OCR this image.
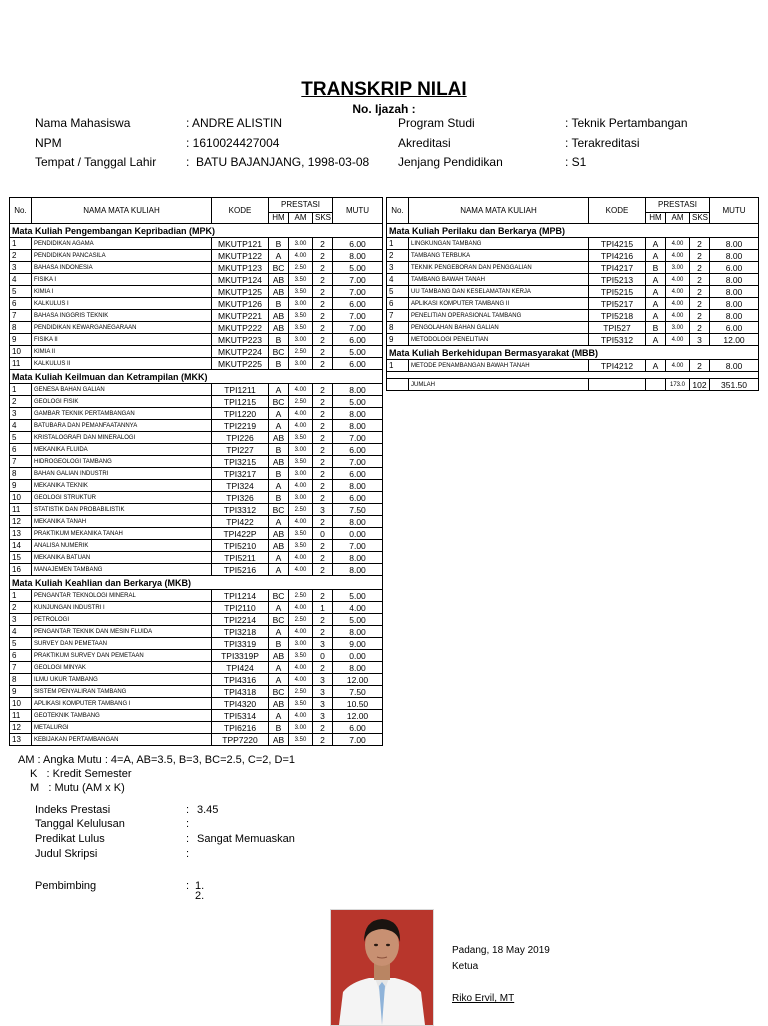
TRANSKRIP NILAI
No. Ijazah :
Nama Mahasiswa	: ANDRE ALISTIN
NPM	: 1610024427004
Tempat / Tanggal Lahir : BATU BAJANJANG, 1998-03-08
Program Studi	: Teknik Pertambangan
Akreditasi	: Terakreditasi
Jenjang Pendidikan	: S1
No.	NAMA MATA KULIAH	KODE	PRESTASI			MUTU
			HM	AM	SKS	
Mata Kuliah Pengembangan Kepribadian (MPK)						
1	PENDIDIKAN AGAMA	MKUTP121	B	3.00	2	6.00
2	PENDIDIKAN PANCASILA	MKUTP122	A	4.00	2	8.00
3	BAHASA INDONESIA	MKUTP123	BC	2.50	2	5.00
4	FISIKA I	MKUTP124	AB	3.50	2	7.00
5	KIMIA I	MKUTP125	AB	3.50	2	7.00
6	KALKULUS I	MKUTP126	B	3.00	2	6.00
7	BAHASA INGGRIS TEKNIK	MKUTP221	AB	3.50	2	7.00
8	PENDIDIKAN KEWARGANEGARAAN	MKUTP222	AB	3.50	2	7.00
9	FISIKA II	MKUTP223	B	3.00	2	6.00
10	KIMIA II	MKUTP224	BC	2.50	2	5.00
11	KALKULUS II	MKUTP225	B	3.00	2	6.00
Mata Kuliah Keilmuan dan Ketrampilan (MKK)						
1	GENESA BAHAN GALIAN	TPI1211	A	4.00	2	8.00
2	GEOLOGI FISIK	TPI1215	BC	2.50	2	5.00
3	GAMBAR TEKNIK PERTAMBANGAN	TPI1220	A	4.00	2	8.00
4	BATUBARA DAN PEMANFAATANNYA	TPI2219	A	4.00	2	8.00
5	KRISTALOGRAFI DAN MINERALOGI	TPI226	AB	3.50	2	7.00
6	MEKANIKA FLUIDA	TPI227	B	3.00	2	6.00
7	HIDROGEOLOGI TAMBANG	TPI3215	AB	3.50	2	7.00
8	BAHAN GALIAN INDUSTRI	TPI3217	B	3.00	2	6.00
9	MEKANIKA TEKNIK	TPI324	A	4.00	2	8.00
10	GEOLOGI STRUKTUR	TPI326	B	3.00	2	6.00
11	STATISTIK DAN PROBABILISTIK	TPI3312	BC	2.50	3	7.50
12	MEKANIKA TANAH	TPI422	A	4.00	2	8.00
13	PRAKTIKUM MEKANIKA TANAH	TPI422P	AB	3.50	0	0.00
14	ANALISA NUMERIK	TPI5210	AB	3.50	2	7.00
15	MEKANIKA BATUAN	TPI5211	A	4.00	2	8.00
16	MANAJEMEN TAMBANG	TPI5216	A	4.00	2	8.00
Mata Kuliah Keahlian dan Berkarya (MKB)						
1	PENGANTAR TEKNOLOGI MINERAL	TPI1214	BC	2.50	2	5.00
2	KUNJUNGAN INDUSTRI I	TPI2110	A	4.00	1	4.00
3	PETROLOGI	TPI2214	BC	2.50	2	5.00
4	PENGANTAR TEKNIK DAN MESIN FLUIDA	TPI3218	A	4.00	2	8.00
5	SURVEY DAN PEMETAAN	TPI3319	B	3.00	3	9.00
6	PRAKTIKUM SURVEY DAN PEMETAAN	TPI3319P	AB	3.50	0	0.00
7	GEOLOGI MINYAK	TPI424	A	4.00	2	8.00
8	ILMU UKUR TAMBANG	TPI4316	A	4.00	3	12.00
9	SISTEM PENYALIRAN TAMBANG	TPI4318	BC	2.50	3	7.50
10	APLIKASI KOMPUTER TAMBANG I	TPI4320	AB	3.50	3	10.50
11	GEOTEKNIK TAMBANG	TPI5314	A	4.00	3	12.00
12	METALURGI	TPI6216	B	3.00	2	6.00
13	KEBIJAKAN PERTAMBANGAN	TPP7220	AB	3.50	2	7.00
No.	NAMA MATA KULIAH	KODE	PRESTASI			MUTU
			HM	AM	SKS	
Mata Kuliah Perilaku dan Berkarya (MPB)						
1	LINGKUNGAN TAMBANG	TPI4215	A	4.00	2	8.00
2	TAMBANG TERBUKA	TPI4216	A	4.00	2	8.00
3	TEKNIK PENGEBORAN DAN PENGGALIAN	TPI4217	B	3.00	2	6.00
4	TAMBANG BAWAH TANAH	TPI5213	A	4.00	2	8.00
5	UU TAMBANG DAN KESELAMATAN KERJA	TPI5215	A	4.00	2	8.00
6	APLIKASI KOMPUTER TAMBANG II	TPI5217	A	4.00	2	8.00
7	PENELITIAN OPERASIONAL TAMBANG	TPI5218	A	4.00	2	8.00
8	PENGOLAHAN BAHAN GALIAN	TPI527	B	3.00	2	6.00
9	METODOLOGI PENELITIAN	TPI5312	A	4.00	3	12.00
Mata Kuliah Berkehidupan Bermasyarakat (MBB)						
1	METODE PENAMBANGAN BAWAH TANAH	TPI4212	A	4.00	2	8.00

	JUMLAH			173.0	102	351.50
AM : Angka Mutu : 4=A, AB=3.5, B=3, BC=2.5, C=2, D=1
K   : Kredit Semester
M   : Mutu (AM x K)
Indeks Prestasi	: 3.45
Tanggal Kelulusan	:
Predikat Lulus	: Sangat Memuaskan
Judul Skripsi	:
Pembimbing	: 1.
2.
Padang, 18 May 2019
Ketua
Riko Ervil, MT
